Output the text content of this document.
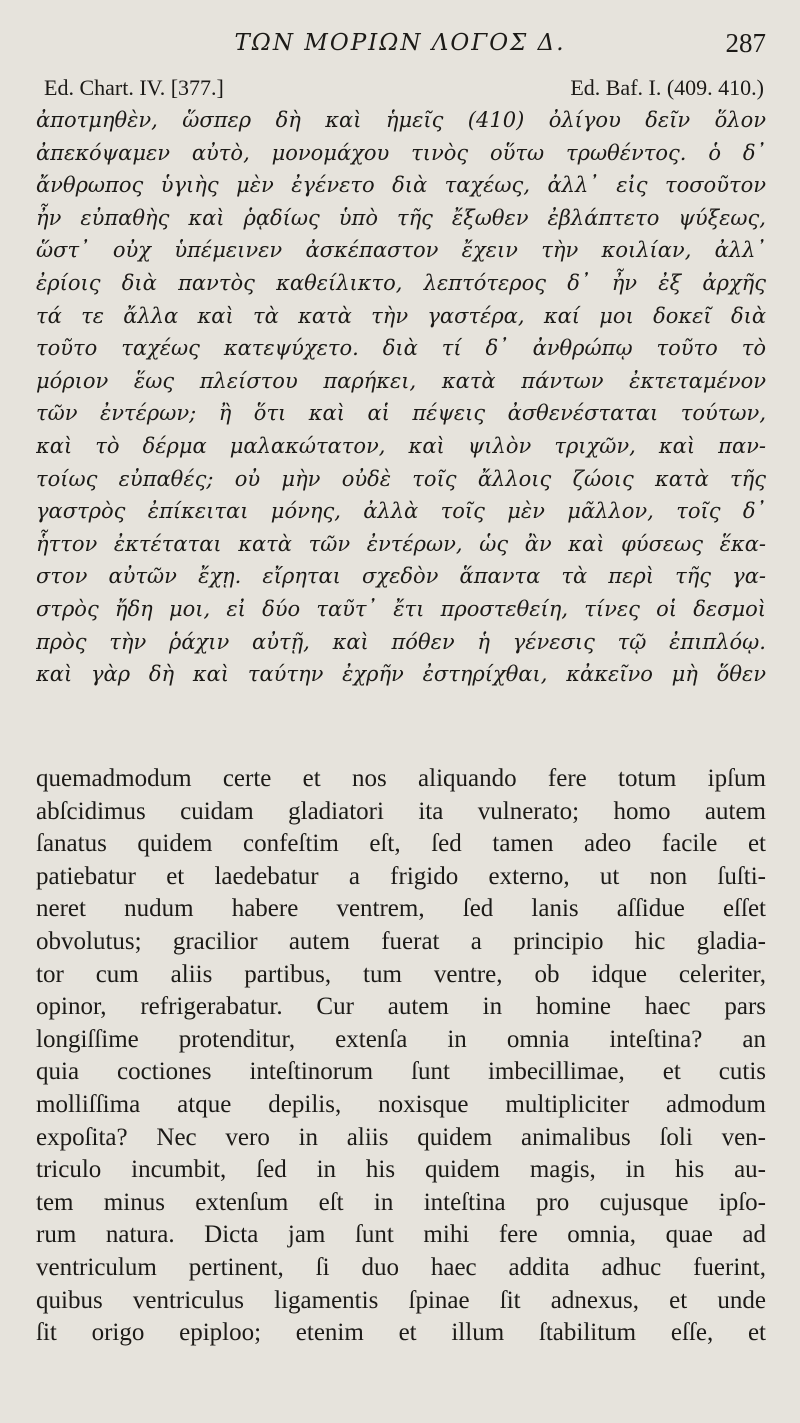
ΤΩΝ ΜΟΡΙΩΝ ΛΟΓΟΣ Δ.	287
Ed. Chart. IV. [377.]	Ed. Baf. I. (409. 410.)
ἀποτμηθὲν, ὥσπερ δὴ καὶ ἡμεῖς (410) ὀλίγου δεῖν ὅλον
ἀπεκόψαμεν αὐτὸ, μονομάχου τινὸς οὕτω τρωθέντος. ὁ δ᾽
ἄνθρωπος ὑγιὴς μὲν ἐγένετο διὰ ταχέως, ἀλλ᾽ εἰς τοσοῦτον
ἦν εὐπαθὴς καὶ ῥᾳδίως ὑπὸ τῆς ἔξωθεν ἐβλάπτετο ψύξεως,
ὥστ᾽ οὐχ ὑπέμεινεν ἀσκέπαστον ἔχειν τὴν κοιλίαν, ἀλλ᾽
ἐρίοις διὰ παντὸς καθείλικτο, λεπτότερος δ᾽ ἦν ἐξ ἀρχῆς
τά τε ἄλλα καὶ τὰ κατὰ τὴν γαστέρα, καί μοι δοκεῖ διὰ
τοῦτο ταχέως κατεψύχετο. διὰ τί δ᾽ ἀνθρώπῳ τοῦτο τὸ
μόριον ἕως πλείστου παρήκει, κατὰ πάντων ἐκτεταμένον
τῶν ἐντέρων; ἢ ὅτι καὶ αἱ πέψεις ἀσθενέσταται τούτων,
καὶ τὸ δέρμα μαλακώτατον, καὶ ψιλὸν τριχῶν, καὶ παν-
τοίως εὐπαθές; οὐ μὴν οὐδὲ τοῖς ἄλλοις ζώοις κατὰ τῆς
γαστρὸς ἐπίκειται μόνης, ἀλλὰ τοῖς μὲν μᾶλλον, τοῖς δ᾽
ἧττον ἐκτέταται κατὰ τῶν ἐντέρων, ὡς ἂν καὶ φύσεως ἕκα-
στον αὐτῶν ἔχῃ. εἴρηται σχεδὸν ἅπαντα τὰ περὶ τῆς γα-
στρὸς ἤδη μοι, εἰ δύο ταῦτ᾽ ἔτι προστεθείη, τίνες οἱ δεσμοὶ
πρὸς τὴν ῥάχιν αὐτῇ, καὶ πόθεν ἡ γένεσις τῷ ἐπιπλόῳ.
καὶ γὰρ δὴ καὶ ταύτην ἐχρῆν ἐστηρίχθαι, κἀκεῖνο μὴ ὅθεν
quemadmodum certe et nos aliquando fere totum ipſum
abſcidimus cuidam gladiatori ita vulnerato; homo autem
ſanatus quidem confeſtim eſt, ſed tamen adeo facile et
patiebatur et laedebatur a frigido externo, ut non ſuſti-
neret nudum habere ventrem, ſed lanis aſſidue eſſet
obvolutus; gracilior autem fuerat a principio hic gladia-
tor cum aliis partibus, tum ventre, ob idque celeriter,
opinor, refrigerabatur. Cur autem in homine haec pars
longiſſime protenditur, extenſa in omnia inteſtina? an
quia coctiones inteſtinorum ſunt imbecillimae, et cutis
molliſſima atque depilis, noxisque multipliciter admodum
expoſita? Nec vero in aliis quidem animalibus ſoli ven-
triculo incumbit, ſed in his quidem magis, in his au-
tem minus extenſum eſt in inteſtina pro cujusque ipſo-
rum natura. Dicta jam ſunt mihi fere omnia, quae ad
ventriculum pertinent, ſi duo haec addita adhuc fuerint,
quibus ventriculus ligamentis ſpinae ſit adnexus, et unde
ſit origo epiploo; etenim et illum ſtabilitum eſſe, et
